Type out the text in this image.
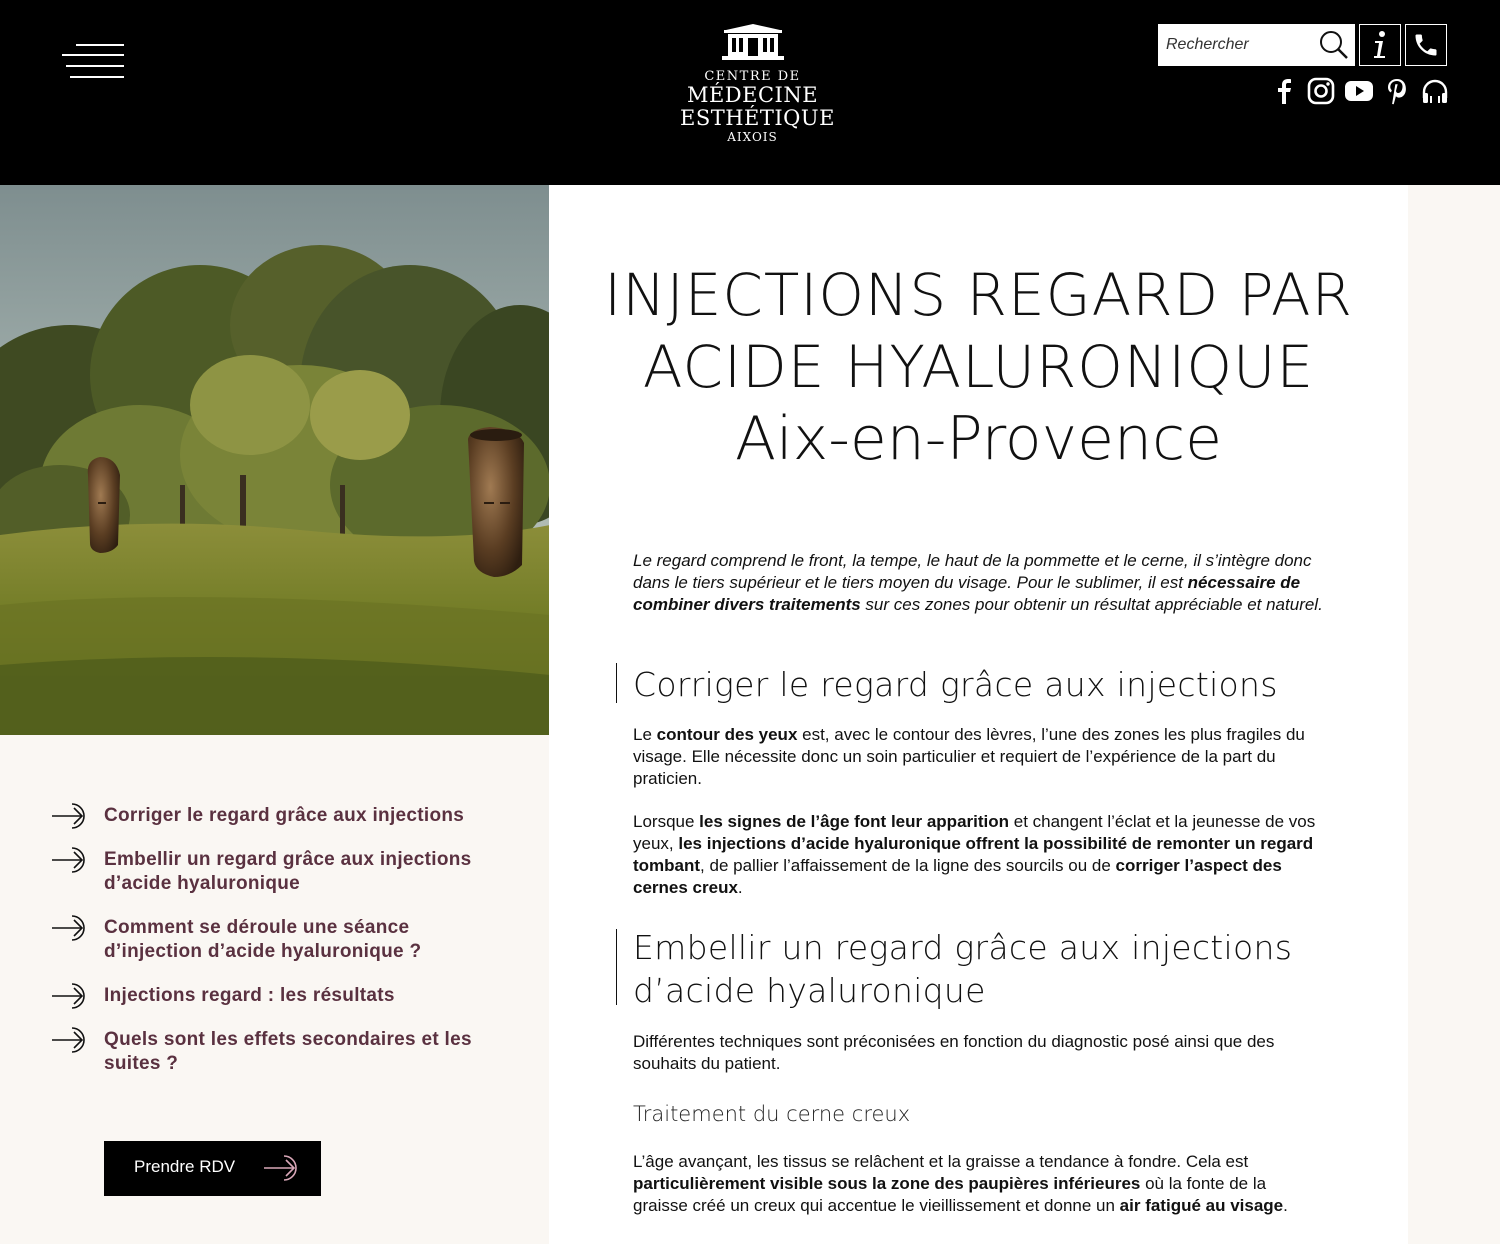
CENTRE DE
MÉDECINE
ESTHÉTIQUE
AIXOIS
Rechercher
Corriger le regard grâce aux injections
Embellir un regard grâce aux injections d’acide hyaluronique
Comment se déroule une séance d’injection d’acide hyaluronique ?
Injections regard : les résultats
Quels sont les effets secondaires et les suites ?
Prendre RDV
INJECTIONS REGARD PAR
ACIDE HYALURONIQUE
Aix-en-Provence

Le regard comprend le front, la tempe, le haut de la pommette et le cerne, il s’intègre donc dans le tiers supérieur et le tiers moyen du visage. Pour le sublimer, il est nécessaire de combiner divers traitements sur ces zones pour obtenir un résultat appréciable et naturel.

Corriger le regard grâce aux injections

Le contour des yeux est, avec le contour des lèvres, l’une des zones les plus fragiles du visage. Elle nécessite donc un soin particulier et requiert de l’expérience de la part du praticien.

Lorsque les signes de l’âge font leur apparition et changent l’éclat et la jeunesse de vos yeux, les injections d’acide hyaluronique offrent la possibilité de remonter un regard tombant, de pallier l’affaissement de la ligne des sourcils ou de corriger l’aspect des cernes creux.

Embellir un regard grâce aux injections
d’acide hyaluronique

Différentes techniques sont préconisées en fonction du diagnostic posé ainsi que des souhaits du patient.

Traitement du cerne creux

L’âge avançant, les tissus se relâchent et la graisse a tendance à fondre. Cela est particulièrement visible sous la zone des paupières inférieures où la fonte de la graisse créé un creux qui accentue le vieillissement et donne un air fatigué au visage.
